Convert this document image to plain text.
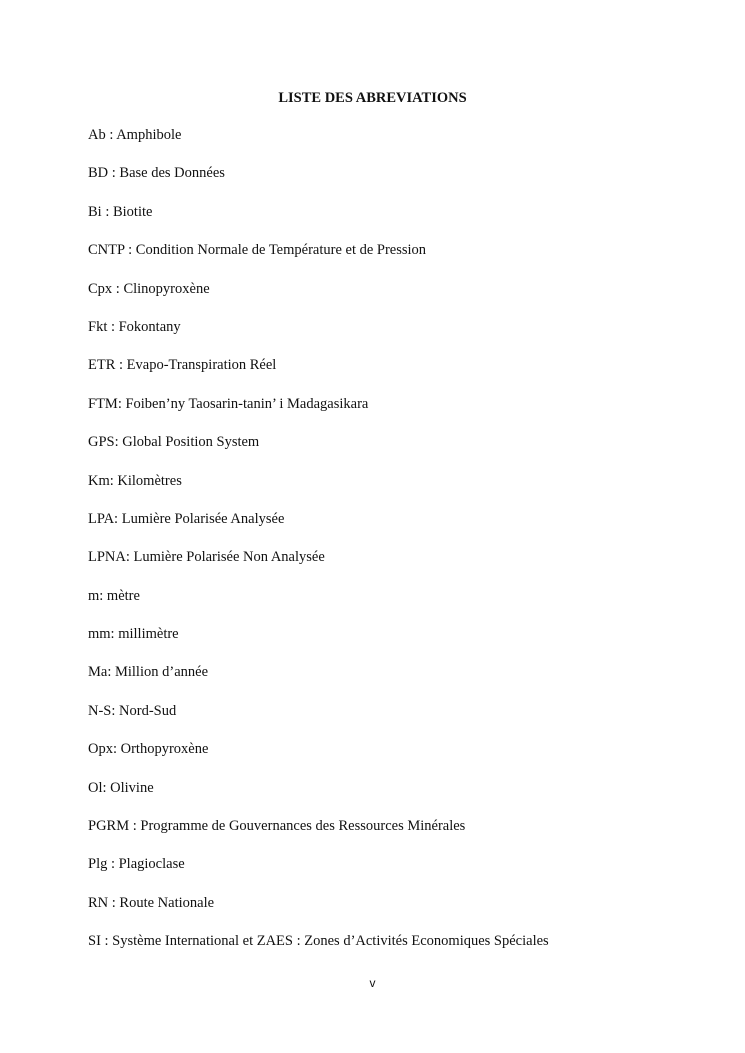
LISTE DES ABREVIATIONS
Ab : Amphibole
BD : Base des Données
Bi : Biotite
CNTP : Condition Normale de Température et de Pression
Cpx : Clinopyroxène
Fkt : Fokontany
ETR : Evapo-Transpiration Réel
FTM: Foiben’ny Taosarin-tanin’ i Madagasikara
GPS: Global Position System
Km: Kilomètres
LPA: Lumière Polarisée Analysée
LPNA: Lumière Polarisée Non Analysée
m: mètre
mm: millimètre
Ma: Million d’année
N-S: Nord-Sud
Opx: Orthopyroxène
Ol: Olivine
PGRM : Programme de Gouvernances des Ressources Minérales
Plg : Plagioclase
RN : Route Nationale
SI : Système International et ZAES : Zones d’Activités Economiques Spéciales
v
